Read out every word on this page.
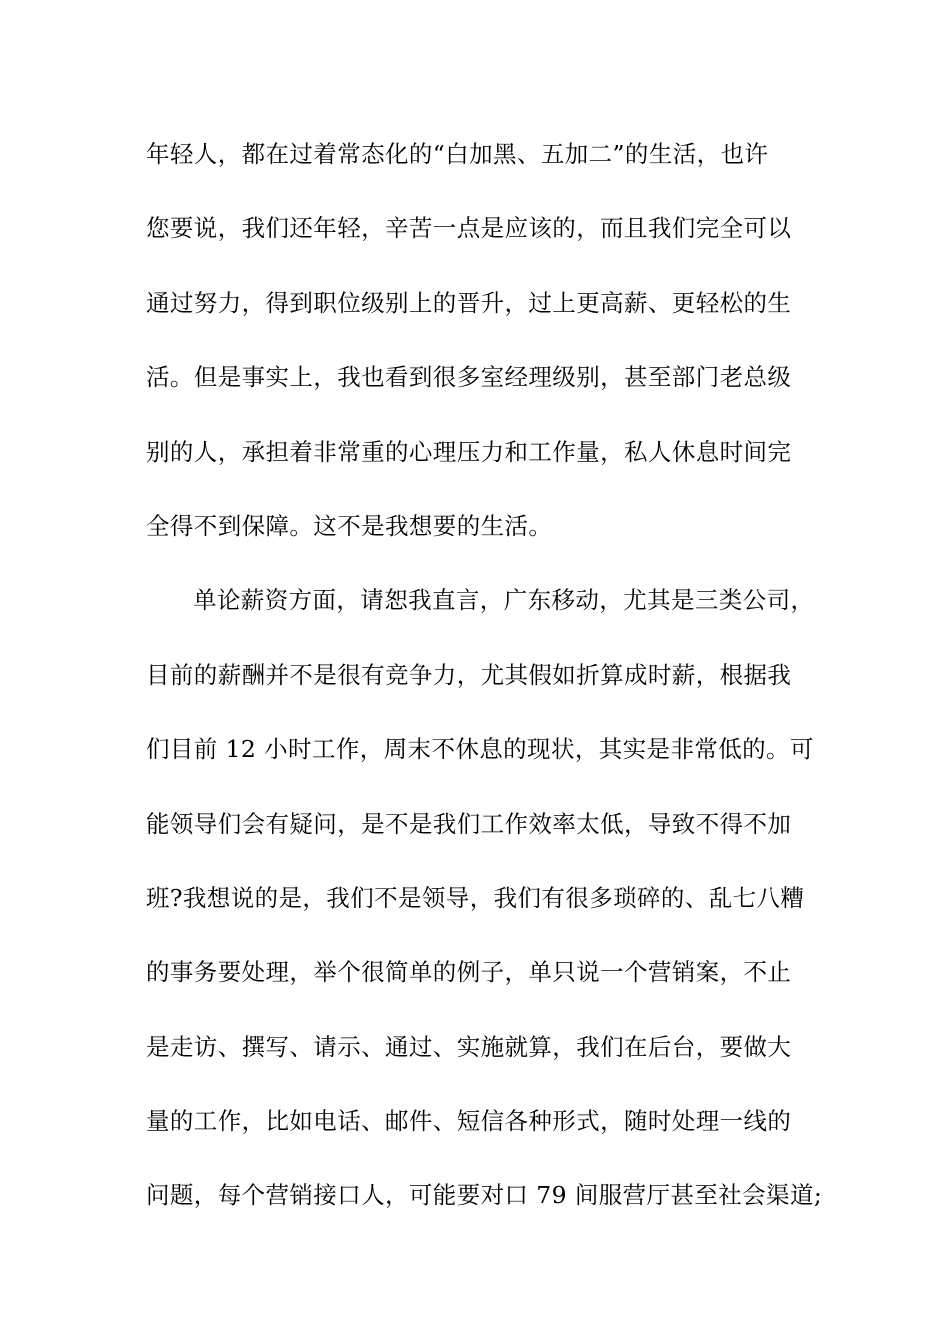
年轻人，都在过着常态化的“白加黑、五加二”的生活，也许
您要说，我们还年轻，辛苦一点是应该的，而且我们完全可以
通过努力，得到职位级别上的晋升，过上更高薪、更轻松的生
活。但是事实上，我也看到很多室经理级别，甚至部门老总级
别的人，承担着非常重的心理压力和工作量，私人休息时间完
全得不到保障。这不是我想要的生活。
单论薪资方面，请恕我直言，广东移动，尤其是三类公司，
目前的薪酬并不是很有竞争力，尤其假如折算成时薪，根据我
们目前 12 小时工作，周末不休息的现状，其实是非常低的。可
能领导们会有疑问，是不是我们工作效率太低，导致不得不加
班?我想说的是，我们不是领导，我们有很多琐碎的、乱七八糟
的事务要处理，举个很简单的例子，单只说一个营销案，不止
是走访、撰写、请示、通过、实施就算，我们在后台，要做大
量的工作，比如电话、邮件、短信各种形式，随时处理一线的
问题，每个营销接口人，可能要对口 79 间服营厅甚至社会渠道;
